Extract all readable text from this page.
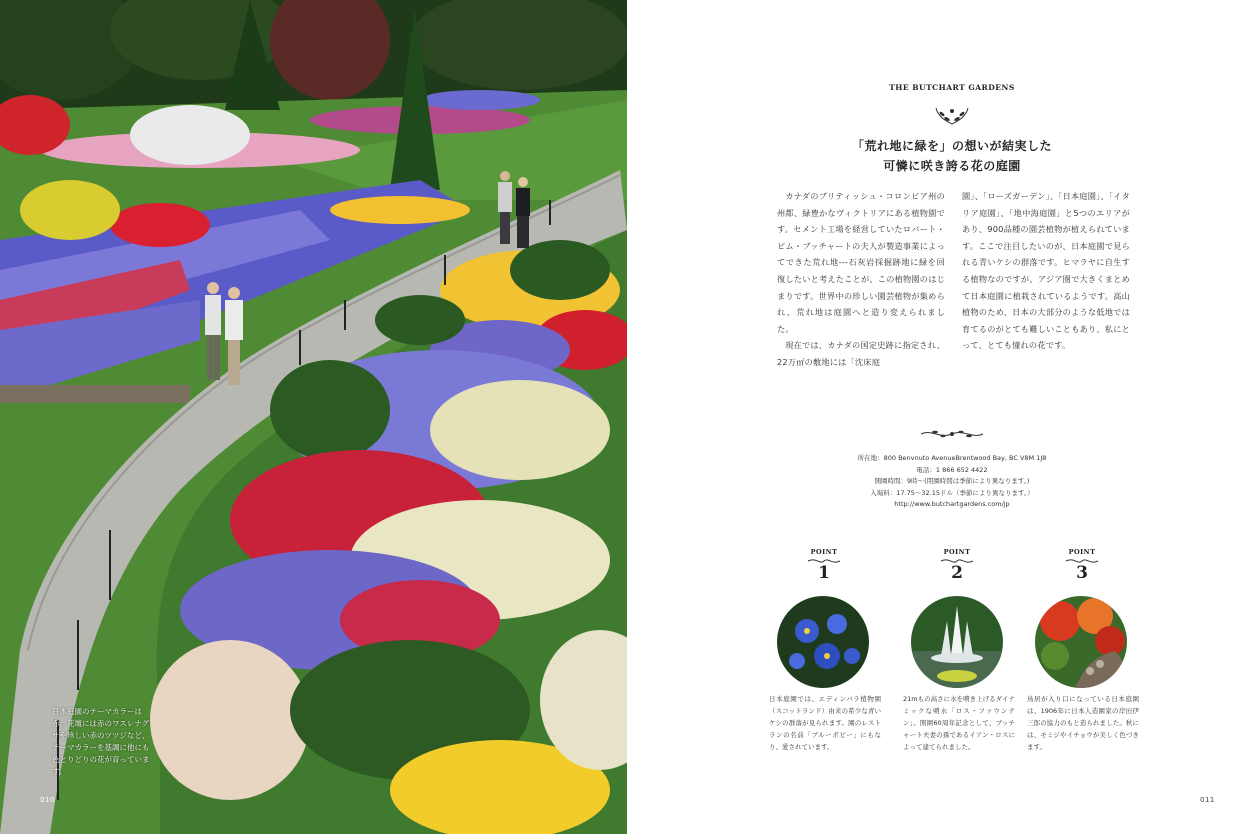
日本庭園のテーマカラーは赤。花壇には赤のワスレナグサや珍しい赤のツツジなど、テーマカラーを基調に他にも色とりどりの花が育っています。
010
THE BUTCHART GARDENS
「荒れ地に緑を」の想いが結実した
可憐に咲き誇る花の庭園

カナダのブリティッシュ・コロンビア州の州都、緑豊かなヴィクトリアにある植物園です。セメント工場を経営していたロバート・ピム・ブッチャートの夫人が製造事業によってできた荒れ地---石灰岩採掘跡地に緑を回復したいと考えたことが、この植物園のはじまりです。世界中の珍しい園芸植物が集められ、荒れ地は庭園へと造り変えられました。

現在では、カナダの国定史跡に指定され、22万㎡の敷地には「沈床庭

園」、「ローズガーデン」、「日本庭園」、「イタリア庭園」、「地中海庭園」と5つのエリアがあり、900品種の園芸植物が植えられています。ここで注目したいのが、日本庭園で見られる青いケシの群落です。ヒマラヤに自生する植物なのですが、アジア圏で大きくまとめて日本庭園に植栽されているようです。高山植物のため、日本の大部分のような低地では育てるのがとても難しいこともあり、私にとって、とても憧れの花です。

所在地：800 Benvnuto AvenueBrentwood Bay, BC V8M 1J8
電話：1 866 652 4422
開園時間：9時～(閉園時間は季節により異なります。)
入場料：17.75～32.15ドル（季節により異なります。）
http://www.butchartgardens.com/jp
POINT
1
日本庭園では、エディンバラ植物園（スコットランド）由来の希少な青いケシの群落が見られます。園のレストランの名前「ブルーポピー」にもなり、愛されています。
POINT
2
21mもの高さに水を噴き上げるダイナミックな噴水「ロス・ファウンテン」。開園60周年記念として、ブッチャート夫妻の孫であるイアン・ロスによって建てられました。
POINT
3
鳥居が入り口になっている日本庭園は、1906年に日本人造園家の岸田伊三郎の協力のもと造られました。秋には、モミジやイチョウが美しく色づきます。
011
